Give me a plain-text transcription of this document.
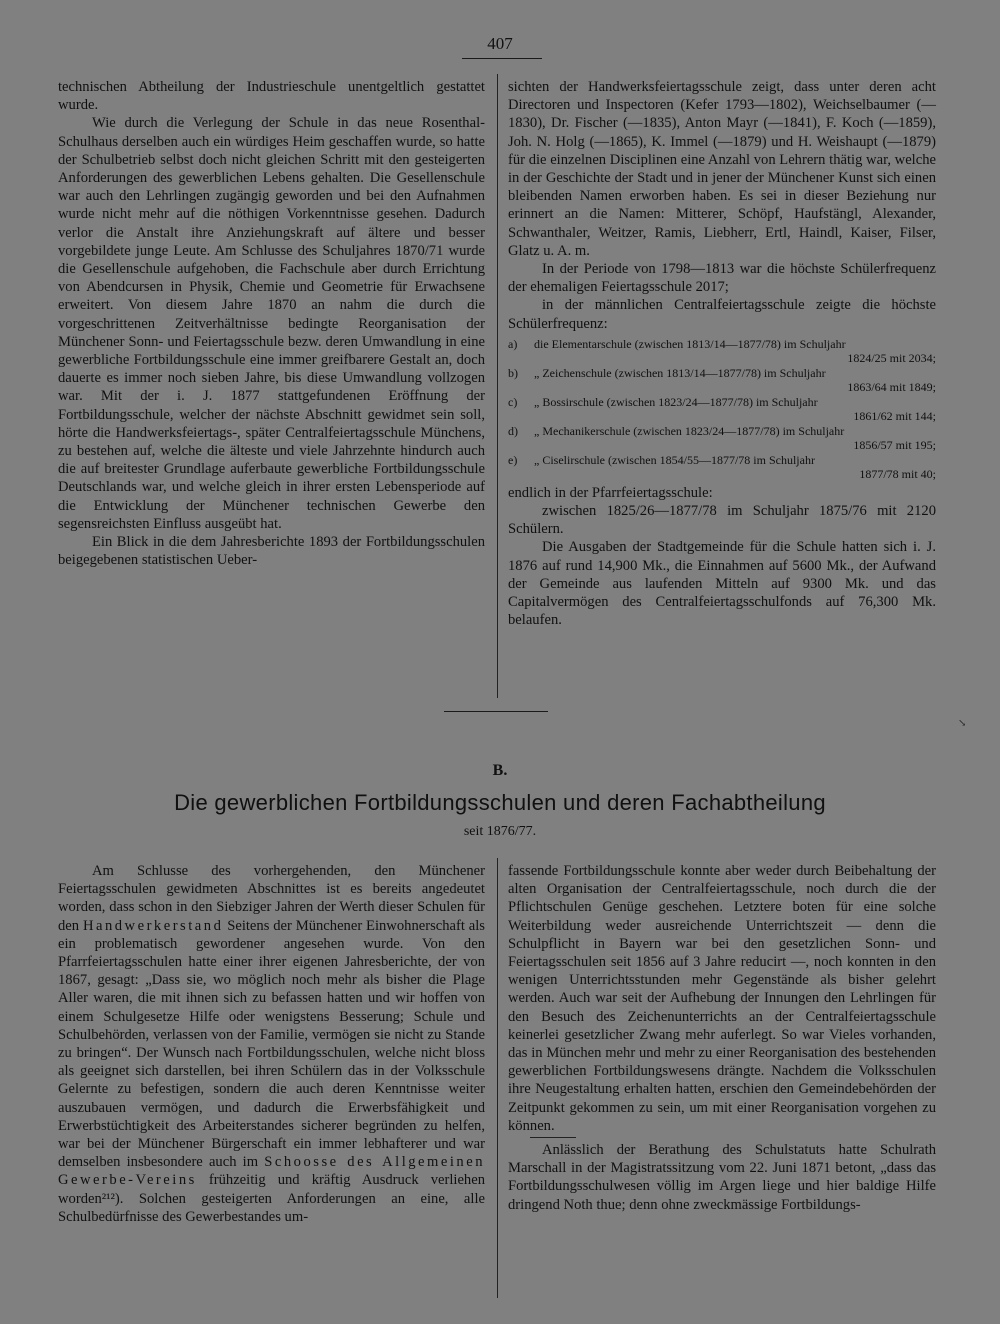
407

technischen Abtheilung der Industrieschule unentgeltlich gestattet wurde.

Wie durch die Verlegung der Schule in das neue Rosenthal-Schulhaus derselben auch ein würdiges Heim geschaffen wurde, so hatte der Schulbetrieb selbst doch nicht gleichen Schritt mit den gesteigerten Anforderungen des gewerblichen Lebens gehalten. Die Gesellenschule war auch den Lehrlingen zugängig geworden und bei den Aufnahmen wurde nicht mehr auf die nöthigen Vorkenntnisse gesehen. Dadurch verlor die Anstalt ihre Anziehungskraft auf ältere und besser vorgebildete junge Leute. Am Schlusse des Schuljahres 1870/71 wurde die Gesellenschule aufgehoben, die Fachschule aber durch Errichtung von Abendcursen in Physik, Chemie und Geometrie für Erwachsene erweitert. Von diesem Jahre 1870 an nahm die durch die vorgeschrittenen Zeitverhältnisse bedingte Reorganisation der Münchener Sonn- und Feiertagsschule bezw. deren Umwandlung in eine gewerbliche Fortbildungsschule eine immer greifbarere Gestalt an, doch dauerte es immer noch sieben Jahre, bis diese Umwandlung vollzogen war. Mit der i. J. 1877 stattgefundenen Eröffnung der Fortbildungsschule, welcher der nächste Abschnitt gewidmet sein soll, hörte die Handwerksfeiertags-, später Centralfeiertagsschule Münchens, zu bestehen auf, welche die älteste und viele Jahrzehnte hindurch auch die auf breitester Grundlage auferbaute gewerbliche Fortbildungsschule Deutschlands war, und welche gleich in ihrer ersten Lebensperiode auf die Entwicklung der Münchener technischen Gewerbe den segensreichsten Einfluss ausgeübt hat.

Ein Blick in die dem Jahresberichte 1893 der Fortbildungsschulen beigegebenen statistischen Ueber-

sichten der Handwerksfeiertagsschule zeigt, dass unter deren acht Directoren und Inspectoren (Kefer 1793—1802), Weichselbaumer (—1830), Dr. Fischer (—1835), Anton Mayr (—1841), F. Koch (—1859), Joh. N. Holg (—1865), K. Immel (—1879) und H. Weishaupt (—1879) für die einzelnen Disciplinen eine Anzahl von Lehrern thätig war, welche in der Geschichte der Stadt und in jener der Münchener Kunst sich einen bleibenden Namen erworben haben. Es sei in dieser Beziehung nur erinnert an die Namen: Mitterer, Schöpf, Haufstängl, Alexander, Schwanthaler, Weitzer, Ramis, Liebherr, Ertl, Haindl, Kaiser, Filser, Glatz u. A. m.

In der Periode von 1798—1813 war die höchste Schülerfrequenz der ehemaligen Feiertagsschule 2017;

in der männlichen Centralfeiertagsschule zeigte die höchste Schülerfrequenz:

a)	die Elementarschule (zwischen 1813/14—1877/78) im Schuljahr

1824/25 mit 2034;
b)	„ Zeichenschule (zwischen 1813/14—1877/78) im Schuljahr

1863/64 mit 1849;
c)	„ Bossirschule (zwischen 1823/24—1877/78) im Schuljahr

1861/62 mit 144;
d)	„ Mechanikerschule (zwischen 1823/24—1877/78) im Schuljahr

1856/57 mit 195;
e)	„ Ciselirschule (zwischen 1854/55—1877/78 im Schuljahr

1877/78 mit 40;

endlich in der Pfarrfeiertagsschule:

zwischen 1825/26—1877/78 im Schuljahr 1875/76 mit 2120 Schülern.

Die Ausgaben der Stadtgemeinde für die Schule hatten sich i. J. 1876 auf rund 14,900 Mk., die Einnahmen auf 5600 Mk., der Aufwand der Gemeinde aus laufenden Mitteln auf 9300 Mk. und das Capitalvermögen des Centralfeiertagsschulfonds auf 76,300 Mk. belaufen.

↘
B.
Die gewerblichen Fortbildungsschulen und deren Fachabtheilung
seit 1876/77.

Am Schlusse des vorhergehenden, den Münchener Feiertagsschulen gewidmeten Abschnittes ist es bereits angedeutet worden, dass schon in den Siebziger Jahren der Werth dieser Schulen für den Handwerkerstand Seitens der Münchener Einwohnerschaft als ein problematisch gewordener angesehen wurde. Von den Pfarrfeiertagsschulen hatte einer ihrer eigenen Jahresberichte, der von 1867, gesagt: „Dass sie, wo möglich noch mehr als bisher die Plage Aller waren, die mit ihnen sich zu befassen hatten und wir hoffen von einem Schulgesetze Hilfe oder wenigstens Besserung; Schule und Schulbehörden, verlassen von der Familie, vermögen sie nicht zu Stande zu bringen“. Der Wunsch nach Fortbildungsschulen, welche nicht bloss als geeignet sich darstellen, bei ihren Schülern das in der Volksschule Gelernte zu befestigen, sondern die auch deren Kenntnisse weiter auszubauen vermögen, und dadurch die Erwerbsfähigkeit und Erwerbstüchtigkeit des Arbeiterstandes sicherer begründen zu helfen, war bei der Münchener Bürgerschaft ein immer lebhafterer und war demselben insbesondere auch im Schoosse des Allgemeinen Gewerbe-Vereins frühzeitig und kräftig Ausdruck verliehen worden²¹²). Solchen gesteigerten Anforderungen an eine, alle Schulbedürfnisse des Gewerbestandes um-

fassende Fortbildungsschule konnte aber weder durch Beibehaltung der alten Organisation der Centralfeiertagsschule, noch durch die der Pflichtschulen Genüge geschehen. Letztere boten für eine solche Weiterbildung weder ausreichende Unterrichtszeit — denn die Schulpflicht in Bayern war bei den gesetzlichen Sonn- und Feiertagsschulen seit 1856 auf 3 Jahre reducirt —, noch konnten in den wenigen Unterrichtsstunden mehr Gegenstände als bisher gelehrt werden. Auch war seit der Aufhebung der Innungen den Lehrlingen für den Besuch des Zeichenunterrichts an der Centralfeiertagsschule keinerlei gesetzlicher Zwang mehr auferlegt. So war Vieles vorhanden, das in München mehr und mehr zu einer Reorganisation des bestehenden gewerblichen Fortbildungswesens drängte. Nachdem die Volksschulen ihre Neugestaltung erhalten hatten, erschien den Gemeindebehörden der Zeitpunkt gekommen zu sein, um mit einer Reorganisation vorgehen zu können.

Anlässlich der Berathung des Schulstatuts hatte Schulrath Marschall in der Magistratssitzung vom 22. Juni 1871 betont, „dass das Fortbildungsschulwesen völlig im Argen liege und hier baldige Hilfe dringend Noth thue; denn ohne zweckmässige Fortbildungs-
